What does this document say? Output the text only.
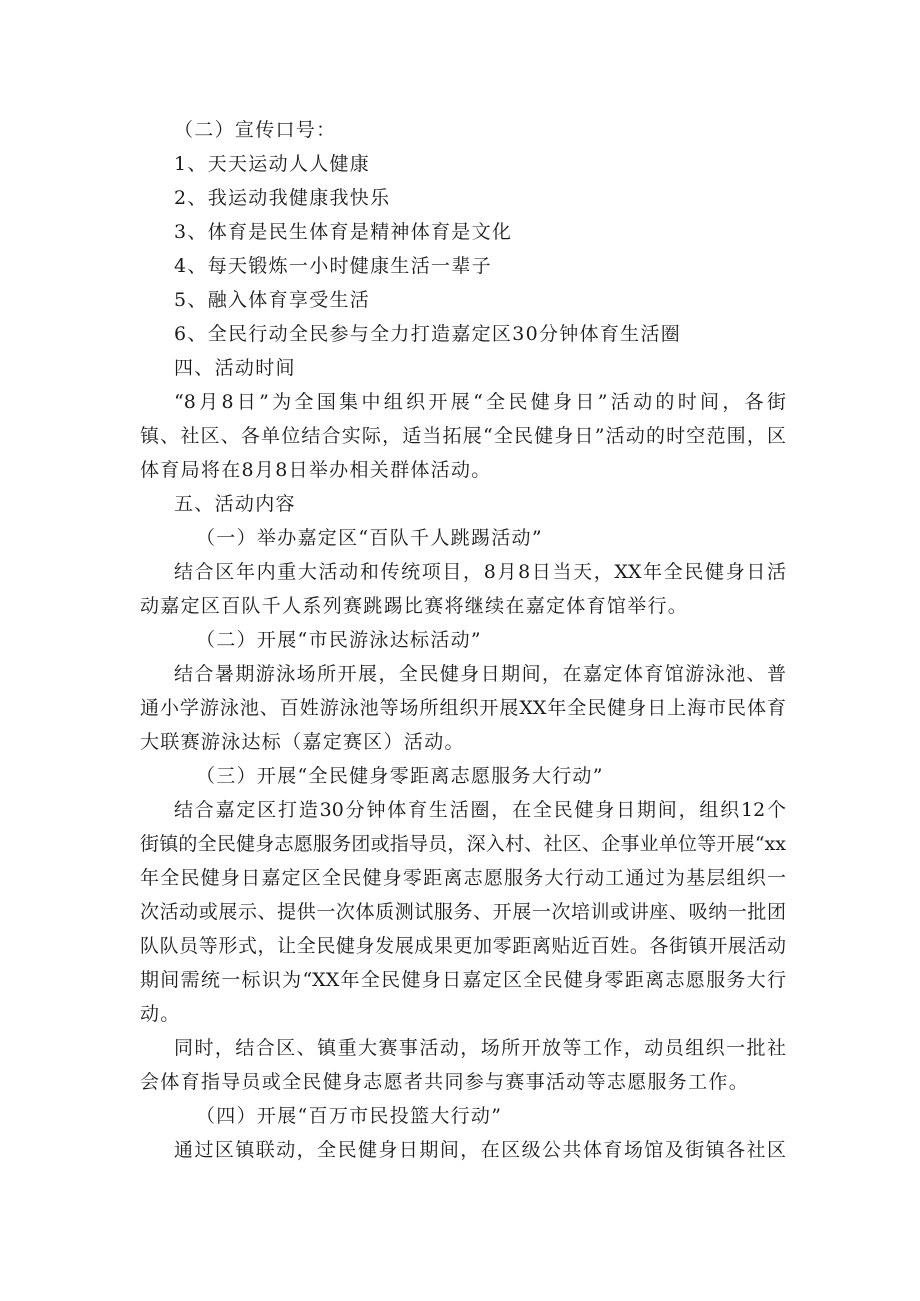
（二）宣传口号：
1、天天运动人人健康
2、我运动我健康我快乐
3、体育是民生体育是精神体育是文化
4、每天锻炼一小时健康生活一辈子
5、融入体育享受生活
6、全民行动全民参与全力打造嘉定区30分钟体育生活圈
四、活动时间
“8月8日”为全国集中组织开展“全民健身日”活动的时间，各街
镇、社区、各单位结合实际，适当拓展“全民健身日”活动的时空范围，区
体育局将在8月8日举办相关群体活动。
五、活动内容
（一）举办嘉定区“百队千人跳踢活动”
结合区年内重大活动和传统项目，8月8日当天，XX年全民健身日活
动嘉定区百队千人系列赛跳踢比赛将继续在嘉定体育馆举行。
（二）开展“市民游泳达标活动”
结合暑期游泳场所开展，全民健身日期间，在嘉定体育馆游泳池、普
通小学游泳池、百姓游泳池等场所组织开展XX年全民健身日上海市民体育
大联赛游泳达标（嘉定赛区）活动。
（三）开展“全民健身零距离志愿服务大行动”
结合嘉定区打造30分钟体育生活圈，在全民健身日期间，组织12个
街镇的全民健身志愿服务团或指导员，深入村、社区、企事业单位等开展“xx
年全民健身日嘉定区全民健身零距离志愿服务大行动工通过为基层组织一
次活动或展示、提供一次体质测试服务、开展一次培训或讲座、吸纳一批团
队队员等形式，让全民健身发展成果更加零距离贴近百姓。各街镇开展活动
期间需统一标识为“XX年全民健身日嘉定区全民健身零距离志愿服务大行
动。
同时，结合区、镇重大赛事活动，场所开放等工作，动员组织一批社
会体育指导员或全民健身志愿者共同参与赛事活动等志愿服务工作。
（四）开展“百万市民投篮大行动”
通过区镇联动，全民健身日期间，在区级公共体育场馆及街镇各社区
